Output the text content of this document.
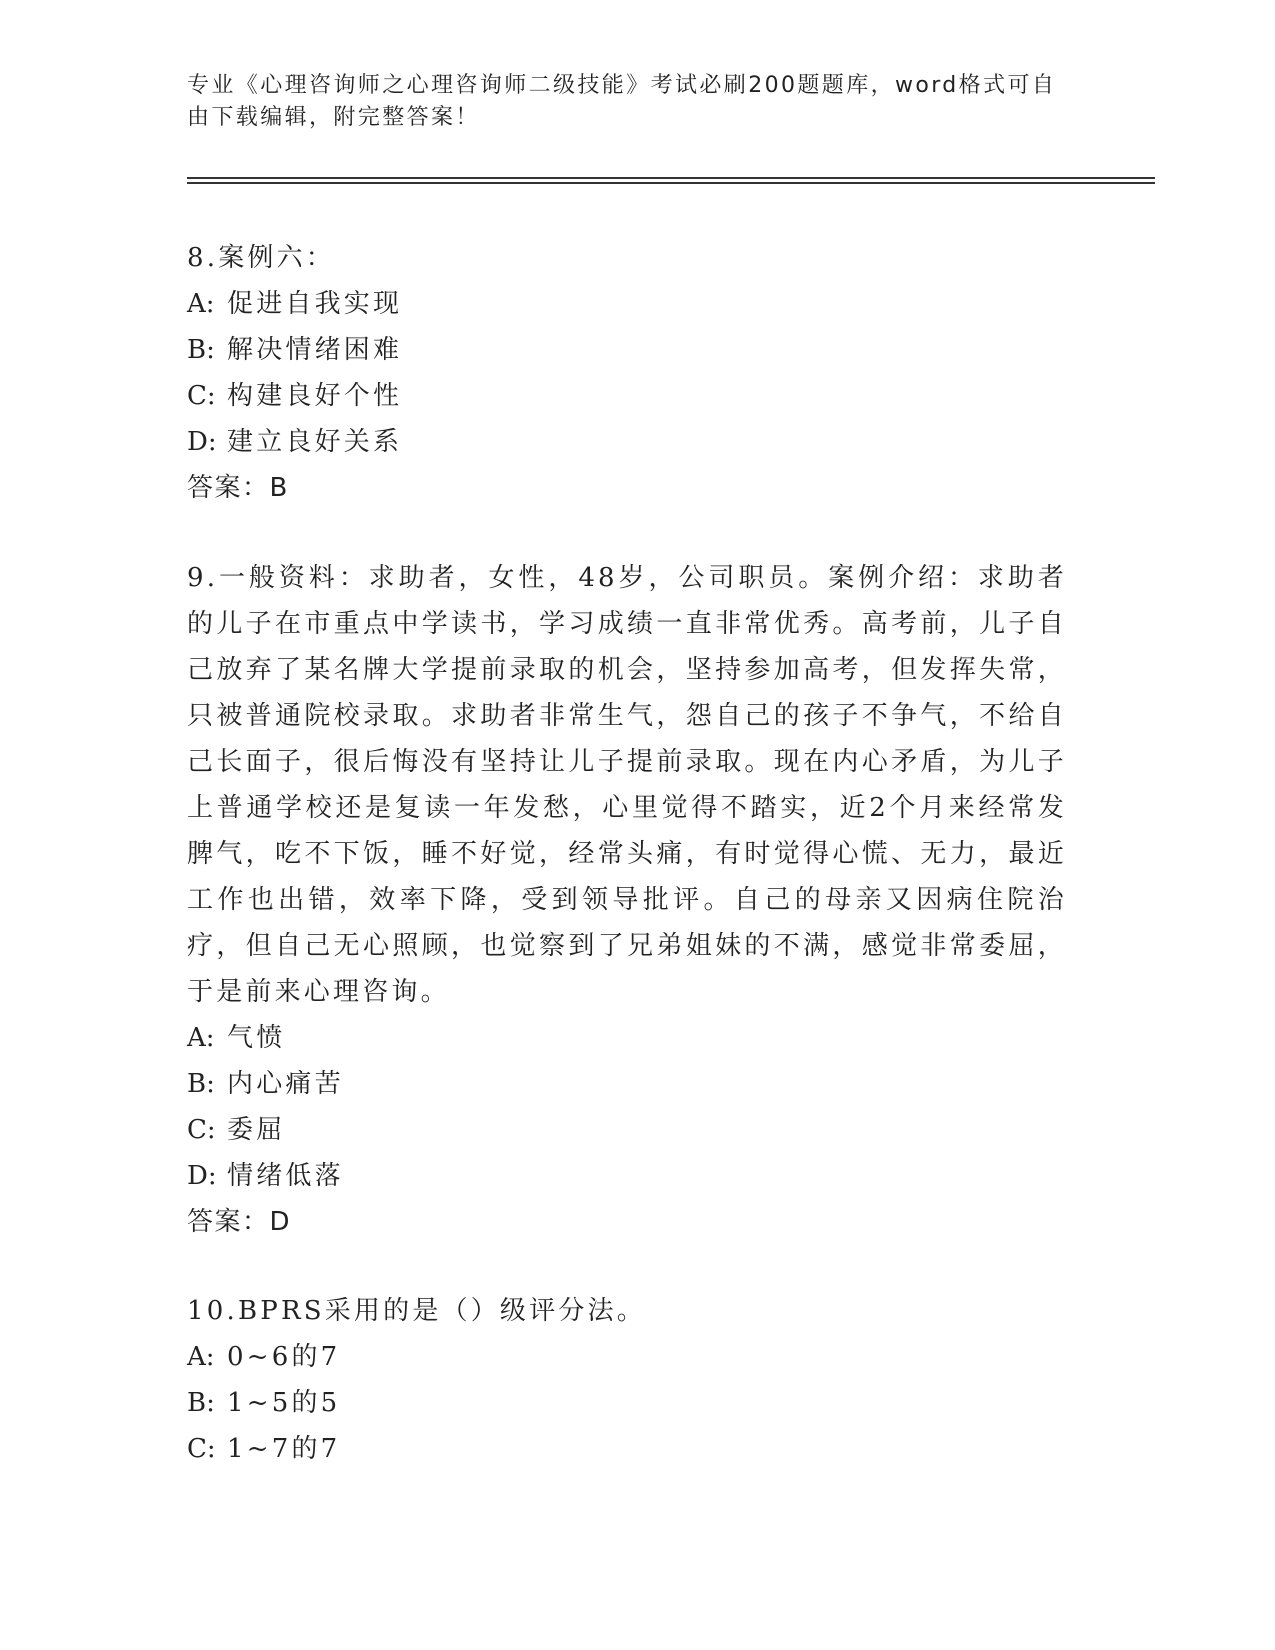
专业《心理咨询师之心理咨询师二级技能》考试必刷200题题库，word格式可自由下载编辑，附完整答案！
8.案例六：
A: 促进自我实现
B: 解决情绪困难
C: 构建良好个性
D: 建立良好关系
答案：B
9.一般资料：求助者，女性，48岁，公司职员。案例介绍：求助者的儿子在市重点中学读书，学习成绩一直非常优秀。高考前，儿子自己放弃了某名牌大学提前录取的机会，坚持参加高考，但发挥失常，只被普通院校录取。求助者非常生气，怨自己的孩子不争气，不给自己长面子，很后悔没有坚持让儿子提前录取。现在内心矛盾，为儿子上普通学校还是复读一年发愁，心里觉得不踏实，近2个月来经常发脾气，吃不下饭，睡不好觉，经常头痛，有时觉得心慌、无力，最近工作也出错，效率下降，受到领导批评。自己的母亲又因病住院治疗，但自己无心照顾，也觉察到了兄弟姐妹的不满，感觉非常委屈，于是前来心理咨询。
A: 气愤
B: 内心痛苦
C: 委屈
D: 情绪低落
答案：D
10.BPRS采用的是（）级评分法。
A: 0~6的7
B: 1~5的5
C: 1~7的7
